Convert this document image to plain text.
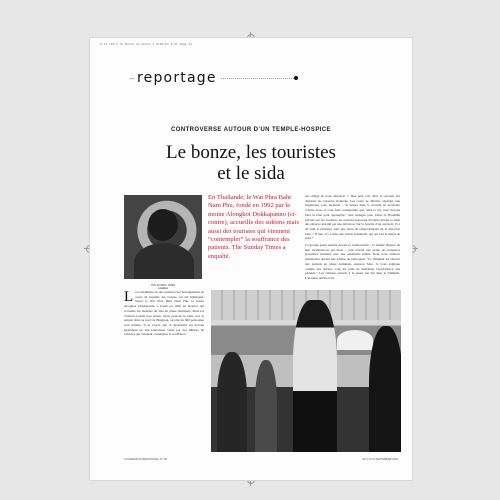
P.21 LE0 F-Te Boton du pharm 1 8/09/04 9:41 Page 31
reportage
CONTROVERSE AUTOUR D’UN TEMPLE-HOSPICE
Le bonze, les touristes
et le sida
THE SUNDAY TIMES
Londres
En Thaïlande, le Wat Phra Baht Nam Phu, fondé en 1992 par le moine Alongkot Dokkapanno (ci-contre), accueille des sidéens mais aussi des touristes qui viennent “contempler” la souffrance des patients. The Sunday Times a enquêté.

pas obligé de nous dénoncer !” Ben peut voir dans le cercueil des disjoints de cadavres incinérés. Ces corps de défunts, expliqué une ingénieure, pour incinérer : “le laisser dans le cercueil de secrétaire d’entre nous, si vous faire comprendre que, dans la vie, nous devons faire le bien pour apprendre.” Aux étalages pour saluer le Bouddha (devant par les touristes, est souvent beaucoup d'objets) devant la table des silences installé par une dévotion. Sur la bouche d’un cercueil, 15 à 20 baht et plusieurs sans une lettre de remerciements de la dévotion faite : “Il faut, il y a dans une nation spirituelle, qui ont tout le temps de prier.”

La groupe passe ensuite devant le crématorium – le temple dispose de huit incinérations par mois – puis devant une petite de sculptures grossières réalisées avec des ossements brûlés. Nous nous arrêtons maintenant devant une édifice de plain-pied. “Ce bâtiment est réservé aux patients en phase terminale, annonce Mao. Je vous explique comme des detours vous les priés de demander l'autorisation aux patients.” Les visiteurs entrent à la queue leu leu dans le bâtiment. L’atrabrie dévide trois

Le bouddhisme est une question de l'enseignement au cours de laquelle des bonzes ont été impliqués. Selon le Wat Phra Baht Nam Phu, le bonze Alongkot Dokkapanno a fondé en 1992 un hospice qui accueille les malades du sida en phase terminale. Mais les visiteurs payent leur entrée. Nous prenons la route vers le temple situé au nord de Bangkok, où plus de 600 personnes sont traitées. Il se trouve que ce monastère est devenu également un site touristique visité par des milliers de touristes qui viennent contempler la souffrance.

COURRIER INTERNATIONAL N° 711	DU 2 AU 8 SEPTEMBRE 2004
